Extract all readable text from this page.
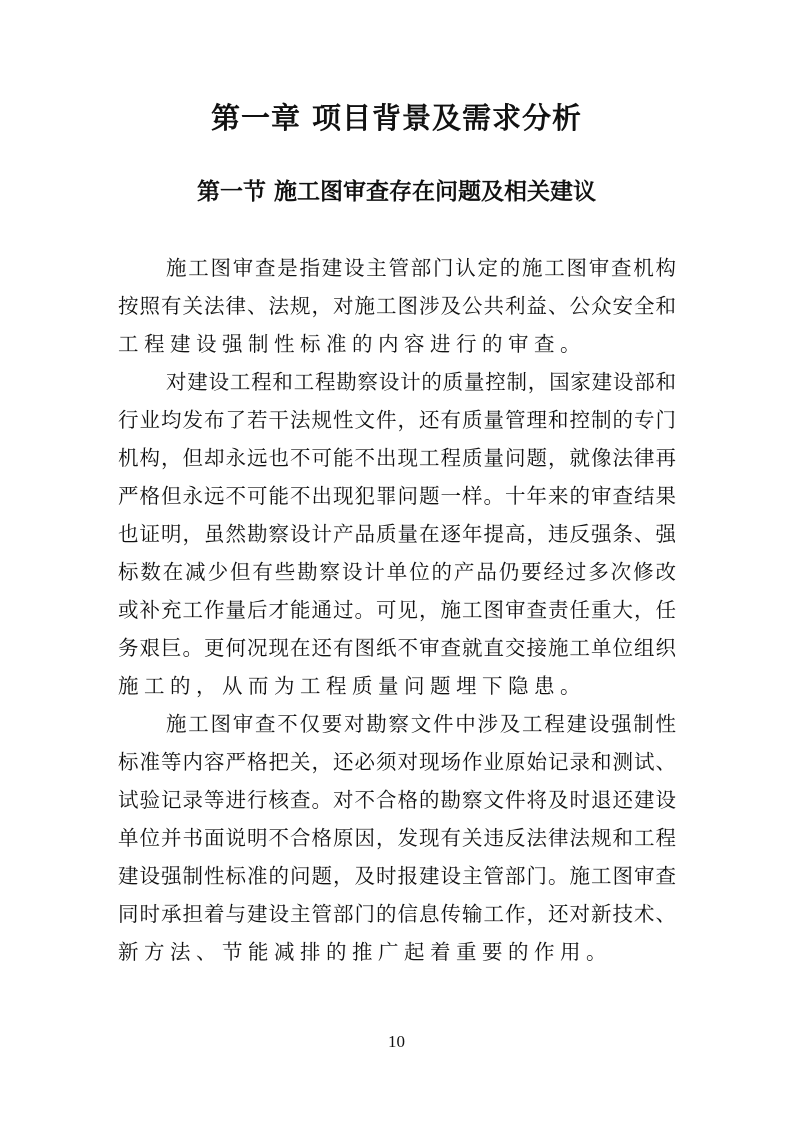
第一章 项目背景及需求分析
第一节 施工图审查存在问题及相关建议
施工图审查是指建设主管部门认定的施工图审查机构
按照有关法律、法规，对施工图涉及公共利益、公众安全和
工程建设强制性标准的内容进行的审查。
对建设工程和工程勘察设计的质量控制，国家建设部和
行业均发布了若干法规性文件，还有质量管理和控制的专门
机构，但却永远也不可能不出现工程质量问题，就像法律再
严格但永远不可能不出现犯罪问题一样。十年来的审查结果
也证明，虽然勘察设计产品质量在逐年提高，违反强条、强
标数在减少但有些勘察设计单位的产品仍要经过多次修改
或补充工作量后才能通过。可见，施工图审查责任重大，任
务艰巨。更何况现在还有图纸不审查就直交接施工单位组织
施工的，从而为工程质量问题埋下隐患。
施工图审查不仅要对勘察文件中涉及工程建设强制性
标准等内容严格把关，还必须对现场作业原始记录和测试、
试验记录等进行核查。对不合格的勘察文件将及时退还建设
单位并书面说明不合格原因，发现有关违反法律法规和工程
建设强制性标准的问题，及时报建设主管部门。施工图审查
同时承担着与建设主管部门的信息传输工作，还对新技术、
新方法、节能减排的推广起着重要的作用。
10
